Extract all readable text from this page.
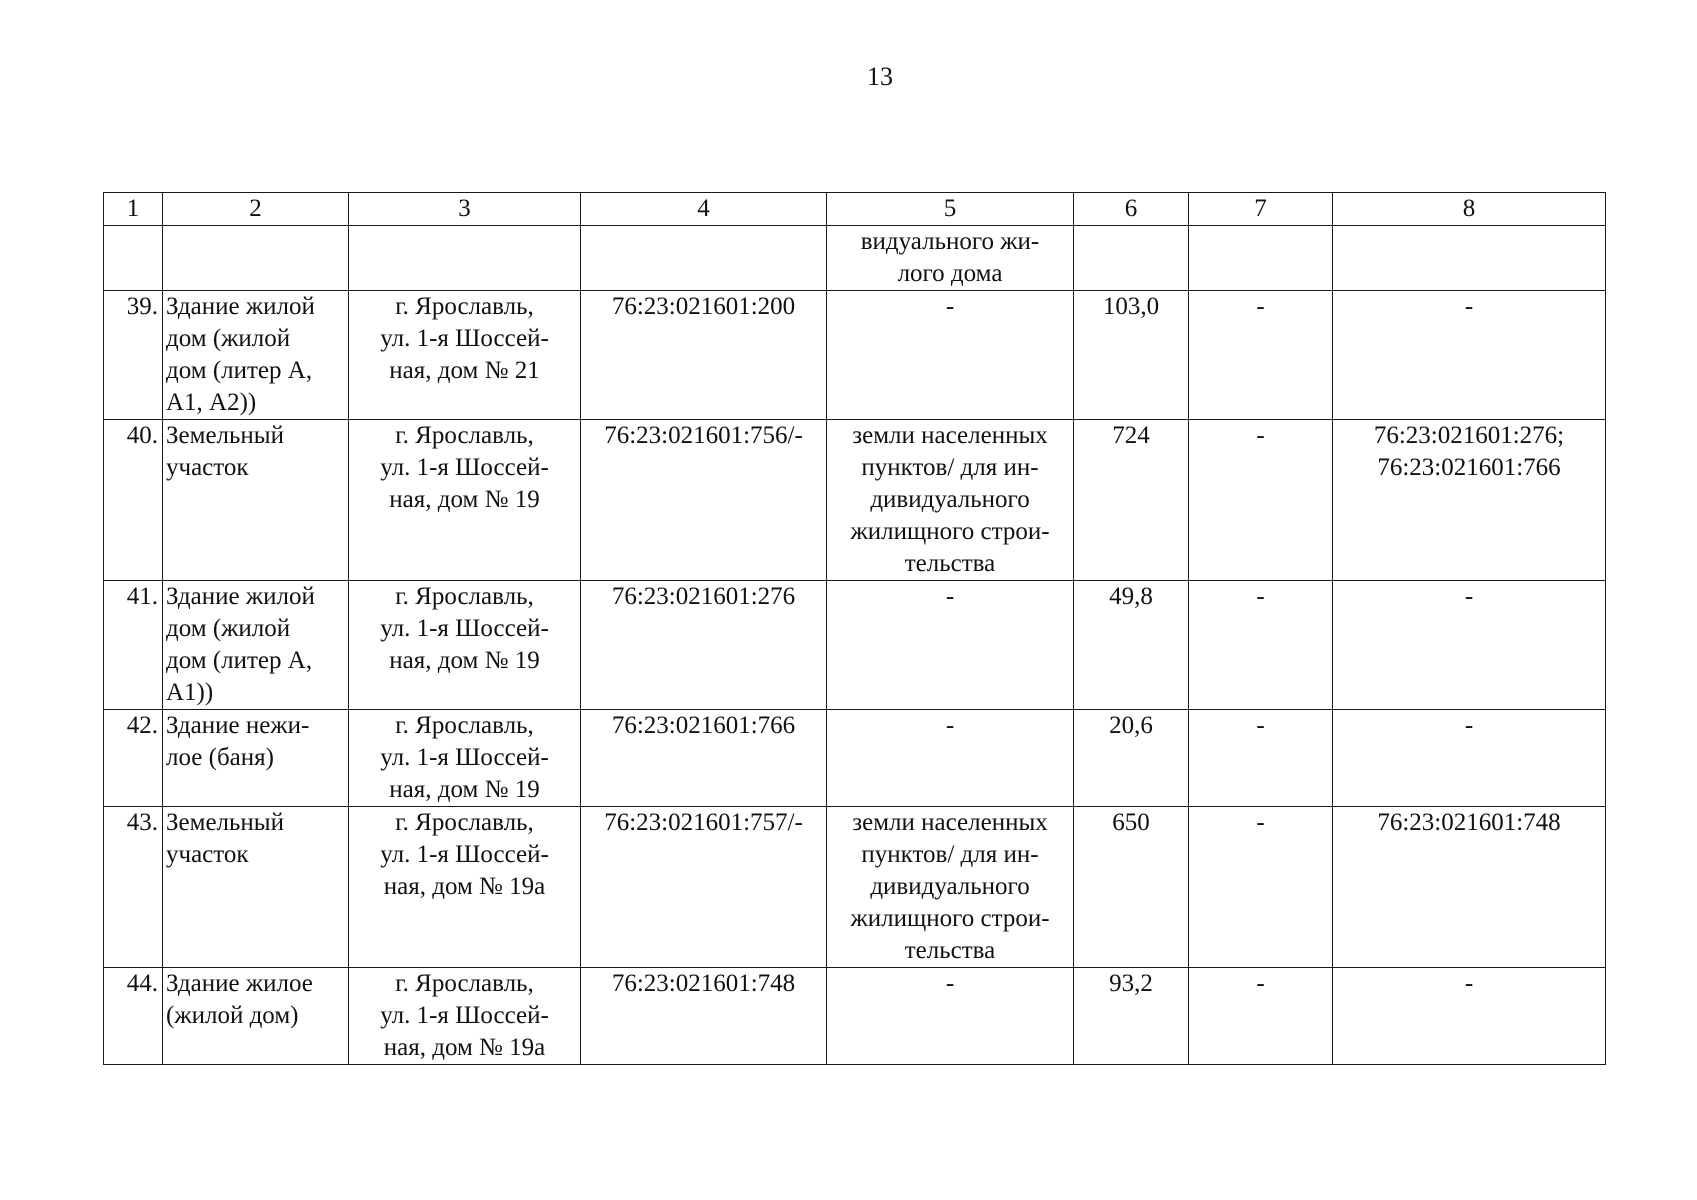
13
1	2	3	4	5	6	7	8

				видуального жи-
лого дома			

39.	Здание жилой
дом (жилой
дом (литер А,
А1, А2))	г. Ярославль,
ул. 1-я Шоссей-
ная, дом № 21	76:23:021601:200	-	103,0	-	-

40.	Земельный
участок	г. Ярославль,
ул. 1-я Шоссей-
ная, дом № 19	76:23:021601:756/-	земли населенных
пунктов/ для ин-
дивидуального
жилищного строи-
тельства	724	-	76:23:021601:276;
76:23:021601:766

41.	Здание жилой
дом (жилой
дом (литер А,
А1))	г. Ярославль,
ул. 1-я Шоссей-
ная, дом № 19	76:23:021601:276	-	49,8	-	-

42.	Здание нежи-
лое (баня)	г. Ярославль,
ул. 1-я Шоссей-
ная, дом № 19	76:23:021601:766	-	20,6	-	-

43.	Земельный
участок	г. Ярославль,
ул. 1-я Шоссей-
ная, дом № 19а	76:23:021601:757/-	земли населенных
пунктов/ для ин-
дивидуального
жилищного строи-
тельства	650	-	76:23:021601:748

44.	Здание жилое
(жилой дом)	г. Ярославль,
ул. 1-я Шоссей-
ная, дом № 19а	76:23:021601:748	-	93,2	-	-
